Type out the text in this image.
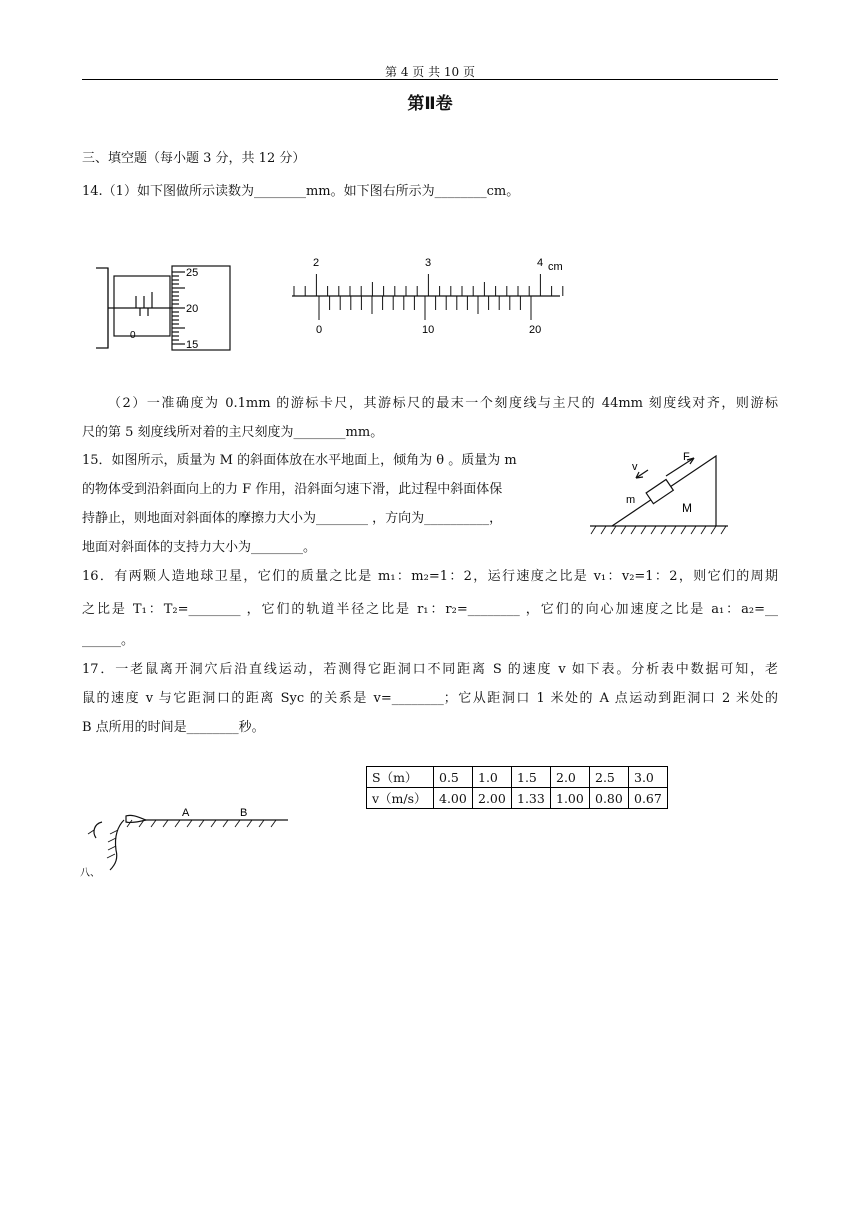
第 4 页 共 10 页
第Ⅱ卷
三、填空题（每小题 3 分，共 12 分）
14.（1）如下图做所示读数为________mm。如下图右所示为________cm。
25
20
15
0
2	3	4 cm
0	10	20
（2）一准确度为 0.1mm 的游标卡尺，其游标尺的最末一个刻度线与主尺的 44mm 刻度线对齐，则游标
尺的第 5 刻度线所对着的主尺刻度为________mm。
15．如图所示，质量为 M 的斜面体放在水平地面上，倾角为 θ 。质量为 m
的物体受到沿斜面向上的力 F 作用，沿斜面匀速下滑，此过程中斜面体保
持静止，则地面对斜面体的摩擦力大小为________ ，方向为__________，
地面对斜面体的支持力大小为________。
v
F
m
M
16．有两颗人造地球卫星，它们的质量之比是 m₁：m₂=1：2，运行速度之比是 v₁：v₂=1：2，则它们的周期
之比是 T₁：T₂=________ ，它们的轨道半径之比是 r₁：r₂=________ ，它们的向心加速度之比是 a₁：a₂=__
______。
17．一老鼠离开洞穴后沿直线运动，若测得它距洞口不同距离 S 的速度 v 如下表。分析表中数据可知，老
鼠的速度 v 与它距洞口的距离 Syc 的关系是 v=________；它从距洞口 1 米处的 A 点运动到距洞口 2 米处的
B 点所用的时间是________秒。
S（m）	0.5	1.0	1.5	2.0	2.5	3.0
v（m/s）	4.00	2.00	1.33	1.00	0.80	0.67
A	B
八、
